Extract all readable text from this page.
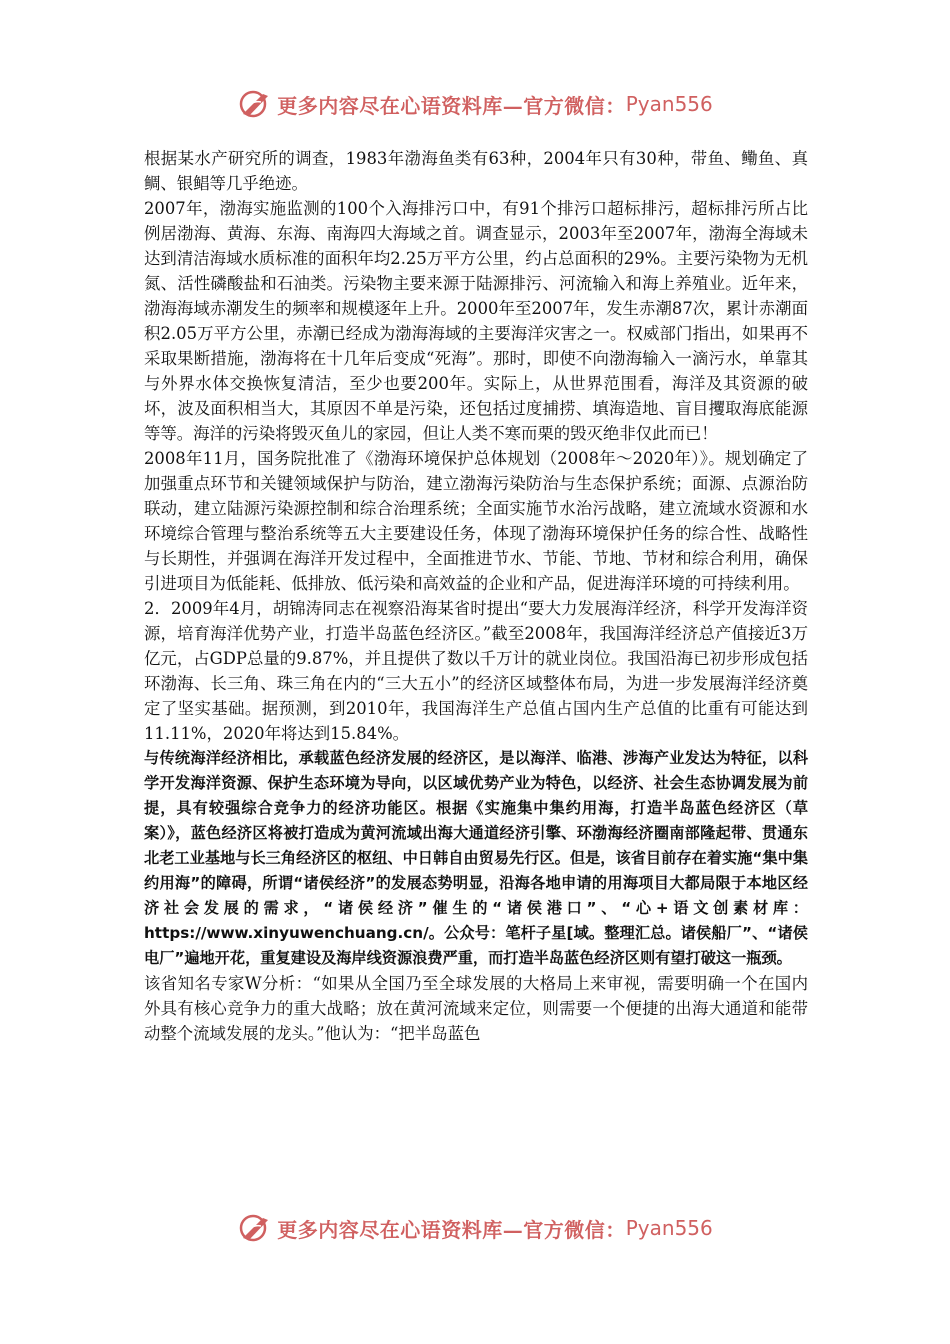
更多内容尽在心语资料库—官方微信： Pyan556

根据某水产研究所的调查，1983年渤海鱼类有63种，2004年只有30种，带鱼、鳓鱼、真鲷、银鲳等几乎绝迹。

2007年，渤海实施监测的100个入海排污口中，有91个排污口超标排污，超标排污所占比例居渤海、黄海、东海、南海四大海域之首。调查显示，2003年至2007年，渤海全海域未达到清洁海域水质标准的面积年均2.25万平方公里，约占总面积的29%。主要污染物为无机氮、活性磷酸盐和石油类。污染物主要来源于陆源排污、河流输入和海上养殖业。近年来，渤海海域赤潮发生的频率和规模逐年上升。2000年至2007年，发生赤潮87次，累计赤潮面积2.05万平方公里，赤潮已经成为渤海海域的主要海洋灾害之一。权威部门指出，如果再不采取果断措施，渤海将在十几年后变成“死海”。那时，即使不向渤海输入一滴污水，单靠其与外界水体交换恢复清洁，至少也要200年。实际上，从世界范围看，海洋及其资源的破坏，波及面积相当大，其原因不单是污染，还包括过度捕捞、填海造地、盲目攫取海底能源等等。海洋的污染将毁灭鱼儿的家园，但让人类不寒而栗的毁灭绝非仅此而已！

2008年11月，国务院批准了《渤海环境保护总体规划（2008年～2020年）》。规划确定了加强重点环节和关键领域保护与防治，建立渤海污染防治与生态保护系统；面源、点源治防联动，建立陆源污染源控制和综合治理系统；全面实施节水治污战略，建立流域水资源和水环境综合管理与整治系统等五大主要建设任务，体现了渤海环境保护任务的综合性、战略性与长期性，并强调在海洋开发过程中，全面推进节水、节能、节地、节材和综合利用，确保引进项目为低能耗、低排放、低污染和高效益的企业和产品，促进海洋环境的可持续利用。

2．2009年4月，胡锦涛同志在视察沿海某省时提出“要大力发展海洋经济，科学开发海洋资源，培育海洋优势产业，打造半岛蓝色经济区。”截至2008年，我国海洋经济总产值接近3万亿元，占GDP总量的9.87%，并且提供了数以千万计的就业岗位。我国沿海已初步形成包括环渤海、长三角、珠三角在内的“三大五小”的经济区域整体布局，为进一步发展海洋经济奠定了坚实基础。据预测，到2010年，我国海洋生产总值占国内生产总值的比重有可能达到11.11%，2020年将达到15.84%。

与传统海洋经济相比，承载蓝色经济发展的经济区，是以海洋、临港、涉海产业发达为特征，以科学开发海洋资源、保护生态环境为导向，以区域优势产业为特色，以经济、社会生态协调发展为前提，具有较强综合竞争力的经济功能区。根据《实施集中集约用海，打造半岛蓝色经济区（草案）》，蓝色经济区将被打造成为黄河流域出海大通道经济引擎、环渤海经济圈南部隆起带、贯通东北老工业基地与长三角经济区的枢纽、中日韩自由贸易先行区。但是，该省目前存在着实施“集中集约用海”的障碍，所谓“诸侯经济”的发展态势明显，沿海各地申请的用海项目大都局限于本地区经济社会发展的需求，“诸侯经济”催生的“诸侯港口”、“心+语文创素材库：https://www.xinyuwenchuang.cn/。公众号：笔杆子星[域。整理汇总。诸侯船厂”、“诸侯电厂”遍地开花，重复建设及海岸线资源浪费严重，而打造半岛蓝色经济区则有望打破这一瓶颈。

该省知名专家W分析：“如果从全国乃至全球发展的大格局上来审视，需要明确一个在国内外具有核心竞争力的重大战略；放在黄河流域来定位，则需要一个便捷的出海大通道和能带动整个流域发展的龙头。”他认为：“把半岛蓝色

更多内容尽在心语资料库—官方微信： Pyan556
